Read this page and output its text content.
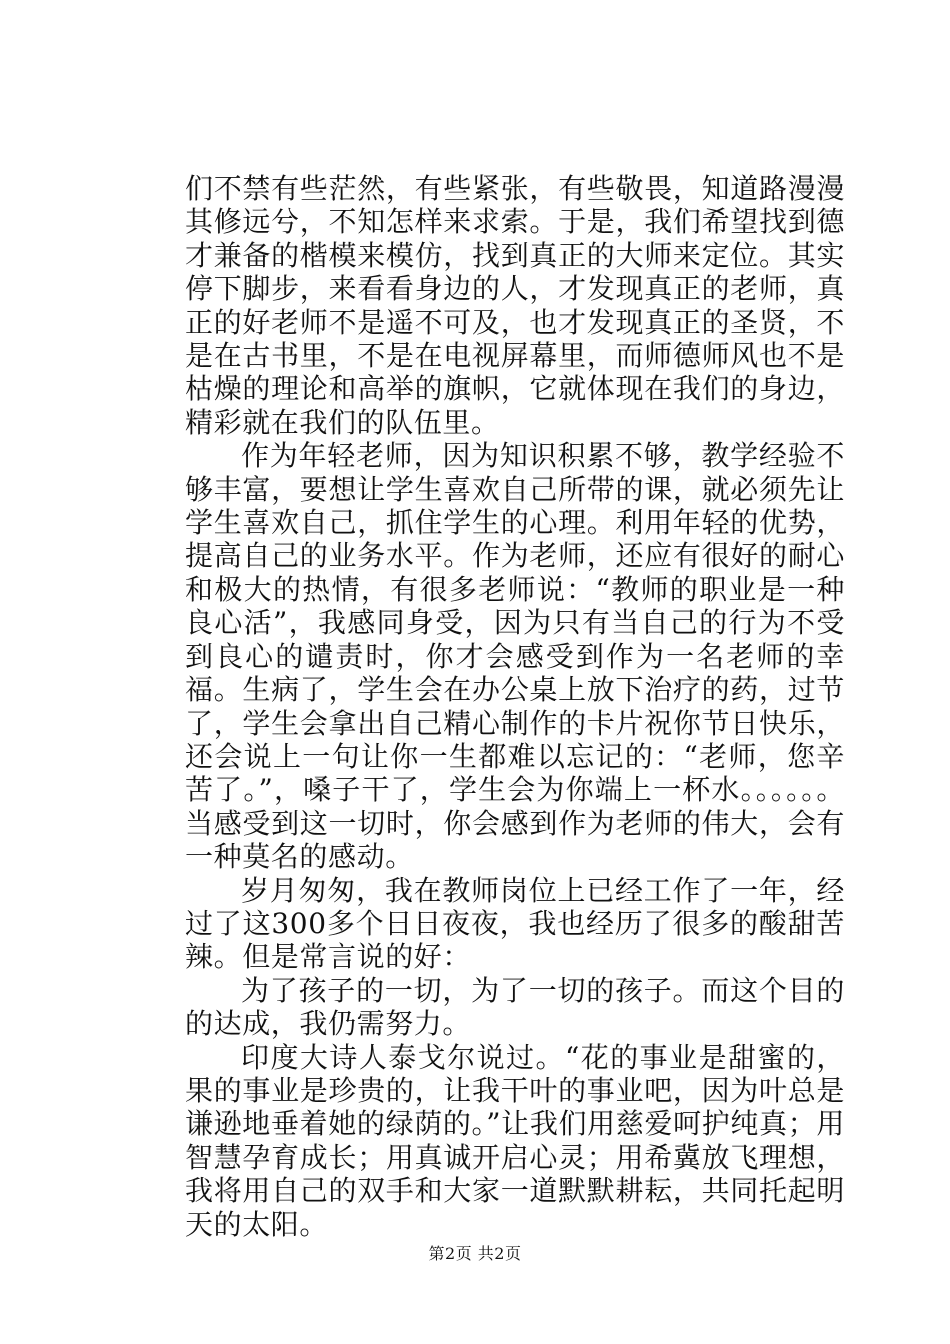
们不禁有些茫然，有些紧张，有些敬畏，知道路漫漫其修远兮，不知怎样来求索。于是，我们希望找到德才兼备的楷模来模仿，找到真正的大师来定位。其实停下脚步，来看看身边的人，才发现真正的老师，真正的好老师不是遥不可及，也才发现真正的圣贤，不是在古书里，不是在电视屏幕里，而师德师风也不是枯燥的理论和高举的旗帜，它就体现在我们的身边，精彩就在我们的队伍里。

作为年轻老师，因为知识积累不够，教学经验不够丰富，要想让学生喜欢自己所带的课，就必须先让学生喜欢自己，抓住学生的心理。利用年轻的优势，提高自己的业务水平。作为老师，还应有很好的耐心和极大的热情，有很多老师说：“教师的职业是一种良心活”，我感同身受，因为只有当自己的行为不受到良心的谴责时，你才会感受到作为一名老师的幸福。生病了，学生会在办公桌上放下治疗的药，过节了，学生会拿出自己精心制作的卡片祝你节日快乐，还会说上一句让你一生都难以忘记的：“老师，您辛苦了。”，嗓子干了，学生会为你端上一杯水。。。。。。当感受到这一切时，你会感到作为老师的伟大，会有一种莫名的感动。

岁月匆匆，我在教师岗位上已经工作了一年，经过了这300多个日日夜夜，我也经历了很多的酸甜苦辣。但是常言说的好：

为了孩子的一切，为了一切的孩子。而这个目的的达成，我仍需努力。

印度大诗人泰戈尔说过。“花的事业是甜蜜的，果的事业是珍贵的，让我干叶的事业吧，因为叶总是谦逊地垂着她的绿荫的。”让我们用慈爱呵护纯真；用智慧孕育成长；用真诚开启心灵；用希冀放飞理想，我将用自己的双手和大家一道默默耕耘，共同托起明天的太阳。

第2页 共2页
